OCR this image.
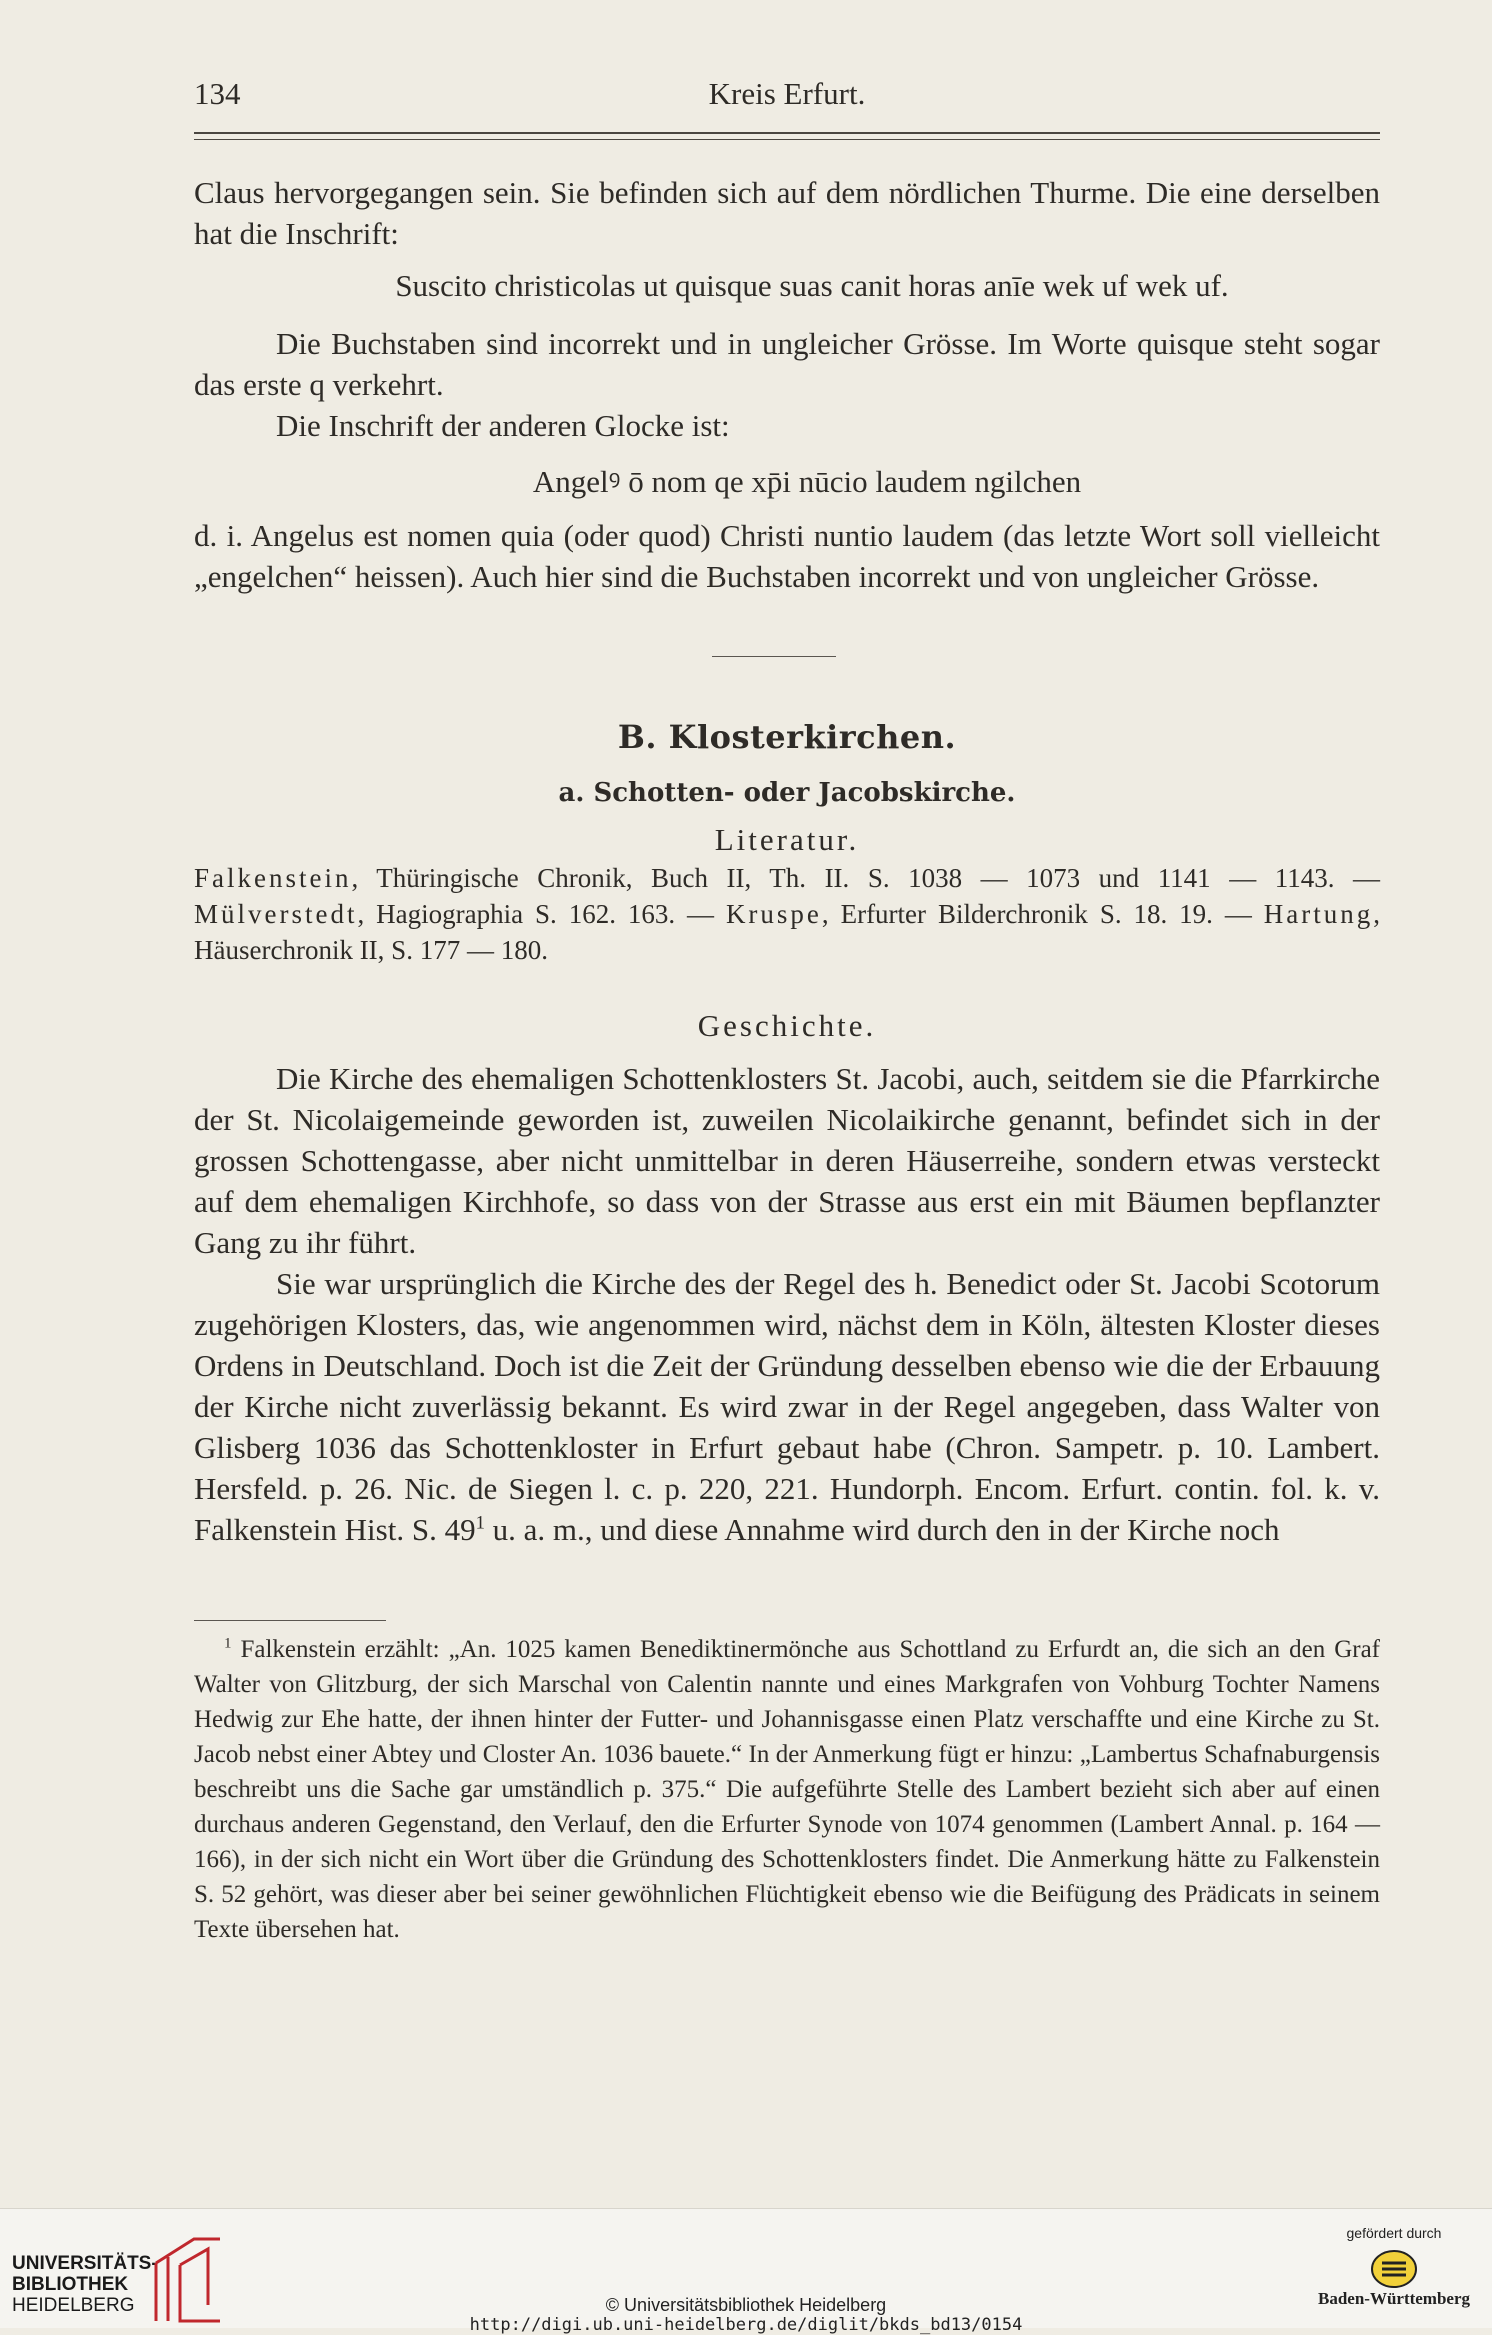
134	Kreis Erfurt.

Claus hervorgegangen sein. Sie befinden sich auf dem nördlichen Thurme. Die eine derselben hat die Inschrift:

Suscito christicolas ut quisque suas canit horas anīe wek uf wek uf.

Die Buchstaben sind incorrekt und in ungleicher Grösse. Im Worte quisque steht sogar das erste q verkehrt.

Die Inschrift der anderen Glocke ist:

Angelꝰ ō nom qe xp̄i nūcio laudem ngilchen

d. i. Angelus est nomen quia (oder quod) Christi nuntio laudem (das letzte Wort soll vielleicht „engelchen“ heissen). Auch hier sind die Buchstaben incorrekt und von ungleicher Grösse.

B. Klosterkirchen.
a. Schotten- oder Jacobskirche.
Literatur.

Falkenstein, Thüringische Chronik, Buch II, Th. II. S. 1038 — 1073 und 1141 — 1143. — Mülverstedt, Hagiographia S. 162. 163. — Kruspe, Erfurter Bilderchronik S. 18. 19. — Hartung, Häuserchronik II, S. 177 — 180.

Geschichte.

Die Kirche des ehemaligen Schottenklosters St. Jacobi, auch, seitdem sie die Pfarrkirche der St. Nicolaigemeinde geworden ist, zuweilen Nicolaikirche genannt, befindet sich in der grossen Schottengasse, aber nicht unmittelbar in deren Häuserreihe, sondern etwas versteckt auf dem ehemaligen Kirchhofe, so dass von der Strasse aus erst ein mit Bäumen bepflanzter Gang zu ihr führt.

Sie war ursprünglich die Kirche des der Regel des h. Benedict oder St. Jacobi Scotorum zugehörigen Klosters, das, wie angenommen wird, nächst dem in Köln, ältesten Kloster dieses Ordens in Deutschland. Doch ist die Zeit der Gründung desselben ebenso wie die der Erbauung der Kirche nicht zuverlässig bekannt. Es wird zwar in der Regel angegeben, dass Walter von Glisberg 1036 das Schottenkloster in Erfurt gebaut habe (Chron. Sampetr. p. 10. Lambert. Hersfeld. p. 26. Nic. de Siegen l. c. p. 220, 221. Hundorph. Encom. Erfurt. contin. fol. k. v. Falkenstein Hist. S. $49^1$ u. a. m., und diese Annahme wird durch den in der Kirche noch

$^1$ Falkenstein erzählt: „An. 1025 kamen Benediktinermönche aus Schottland zu Erfurdt an, die sich an den Graf Walter von Glitzburg, der sich Marschal von Calentin nannte und eines Markgrafen von Vohburg Tochter Namens Hedwig zur Ehe hatte, der ihnen hinter der Futter- und Johannisgasse einen Platz verschaffte und eine Kirche zu St. Jacob nebst einer Abtey und Closter An. 1036 bauete.“ In der Anmerkung fügt er hinzu: „Lambertus Schafnaburgensis beschreibt uns die Sache gar umständlich p. 375.“ Die aufgeführte Stelle des Lambert bezieht sich aber auf einen durchaus anderen Gegenstand, den Verlauf, den die Erfurter Synode von 1074 genommen (Lambert Annal. p. 164 — 166), in der sich nicht ein Wort über die Gründung des Schottenklosters findet. Die Anmerkung hätte zu Falkenstein S. 52 gehört, was dieser aber bei seiner gewöhnlichen Flüchtigkeit ebenso wie die Beifügung des Prädicats in seinem Texte übersehen hat.

UNIVERSITÄTS-
BIBLIOTHEK
HEIDELBERG	© Universitätsbibliothek Heidelberg
http://digi.ub.uni-heidelberg.de/diglit/bkds_bd13/0154
gefördert durch
Baden-Württemberg
